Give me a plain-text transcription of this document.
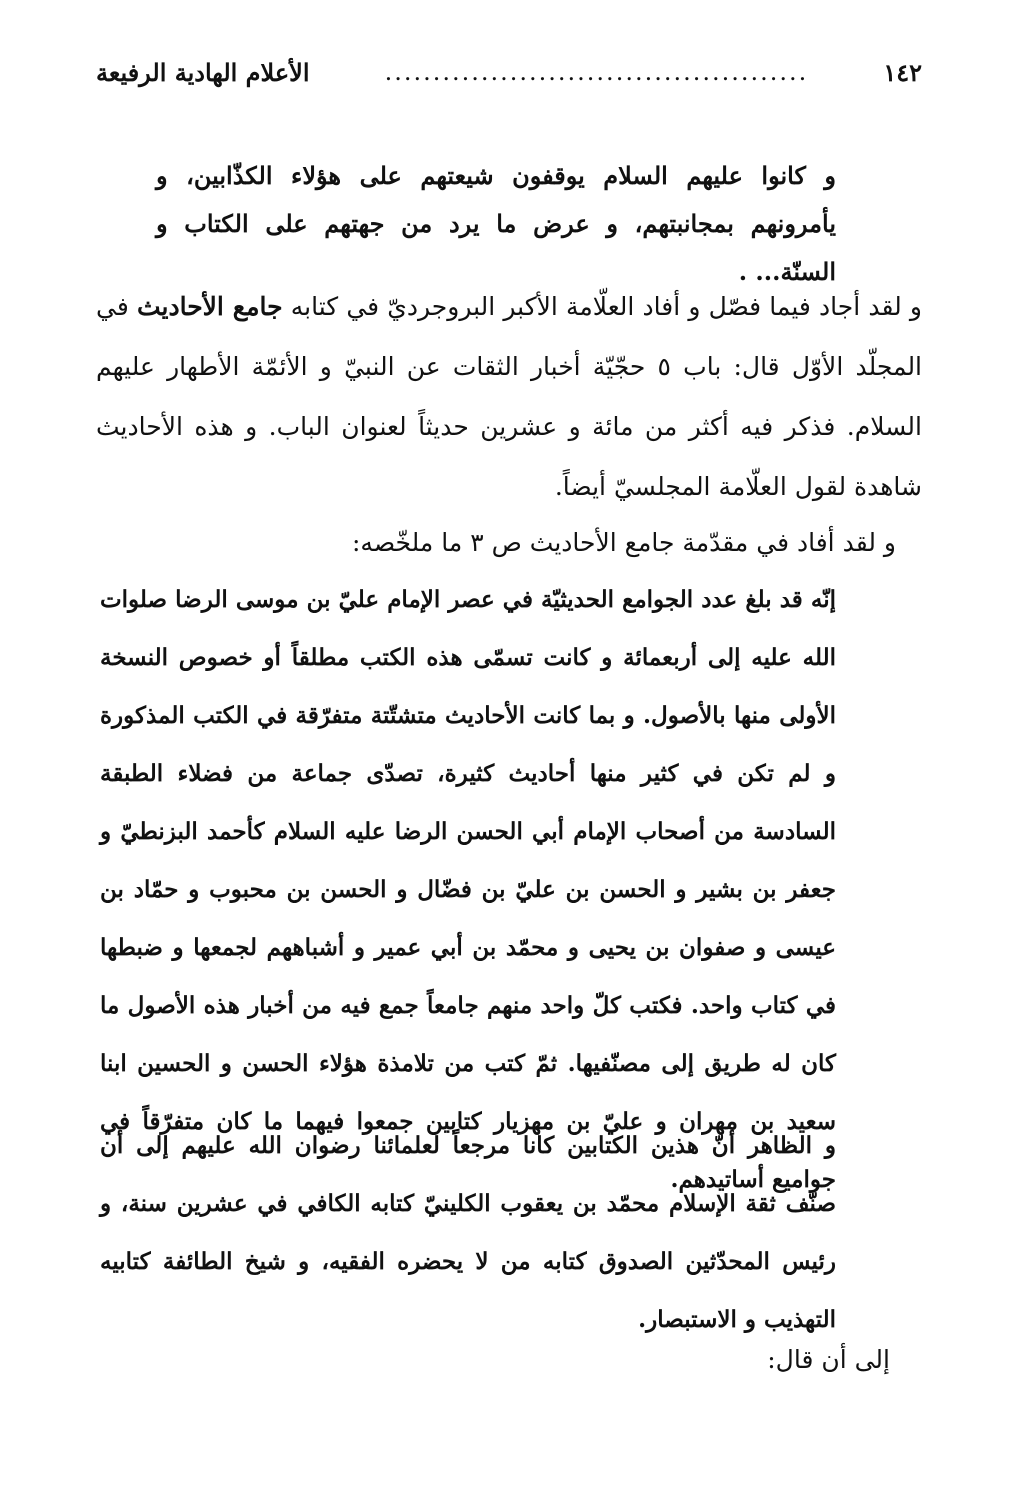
١٤٢
............................................
الأعلام الهادية الرفيعة

و كانوا عليهم السلام يوقفون شيعتهم على هؤلاء الكذّابين، و يأمرونهم بمجانبتهم، و عرض ما يرد من جهتهم على الكتاب و السنّة... .

و لقد أجاد فيما فصّل و أفاد العلّامة الأكبر البروجرديّ في كتابه جامع الأحاديث في المجلّد الأوّل قال: باب ٥ حجّيّة أخبار الثقات عن النبيّ و الأئمّة الأطهار عليهم السلام. فذكر فيه أكثر من مائة و عشرين حديثاً لعنوان الباب. و هذه الأحاديث شاهدة لقول العلّامة المجلسيّ أيضاً.

و لقد أفاد في مقدّمة جامع الأحاديث ص ٣ ما ملخّصه:

إنّه قد بلغ عدد الجوامع الحديثيّة في عصر الإمام عليّ بن موسى الرضا صلوات الله عليه إلى أربعمائة و كانت تسمّى هذه الكتب مطلقاً أو خصوص النسخة الأولى منها بالأصول. و بما كانت الأحاديث متشتّتة متفرّقة في الكتب المذكورة و لم تكن في كثير منها أحاديث كثيرة، تصدّى جماعة من فضلاء الطبقة السادسة من أصحاب الإمام أبي الحسن الرضا عليه السلام كأحمد البزنطيّ و جعفر بن بشير و الحسن بن عليّ بن فضّال و الحسن بن محبوب و حمّاد بن عيسى و صفوان بن يحيى و محمّد بن أبي عمير و أشباههم لجمعها و ضبطها في كتاب واحد. فكتب كلّ واحد منهم جامعاً جمع فيه من أخبار هذه الأصول ما كان له طريق إلى مصنّفيها. ثمّ كتب من تلامذة هؤلاء الحسن و الحسين ابنا سعيد بن مهران و عليّ بن مهزيار كتابين جمعوا فيهما ما كان متفرّقاً في جواميع أساتيدهم.

و الظاهر أنّ هذين الكتابين كانا مرجعاً لعلمائنا رضوان الله عليهم إلى أن صنّف ثقة الإسلام محمّد بن يعقوب الكلينيّ كتابه الكافي في عشرين سنة، و رئيس المحدّثين الصدوق كتابه من لا يحضره الفقيه، و شيخ الطائفة كتابيه التهذيب و الاستبصار.

إلى أن قال:
